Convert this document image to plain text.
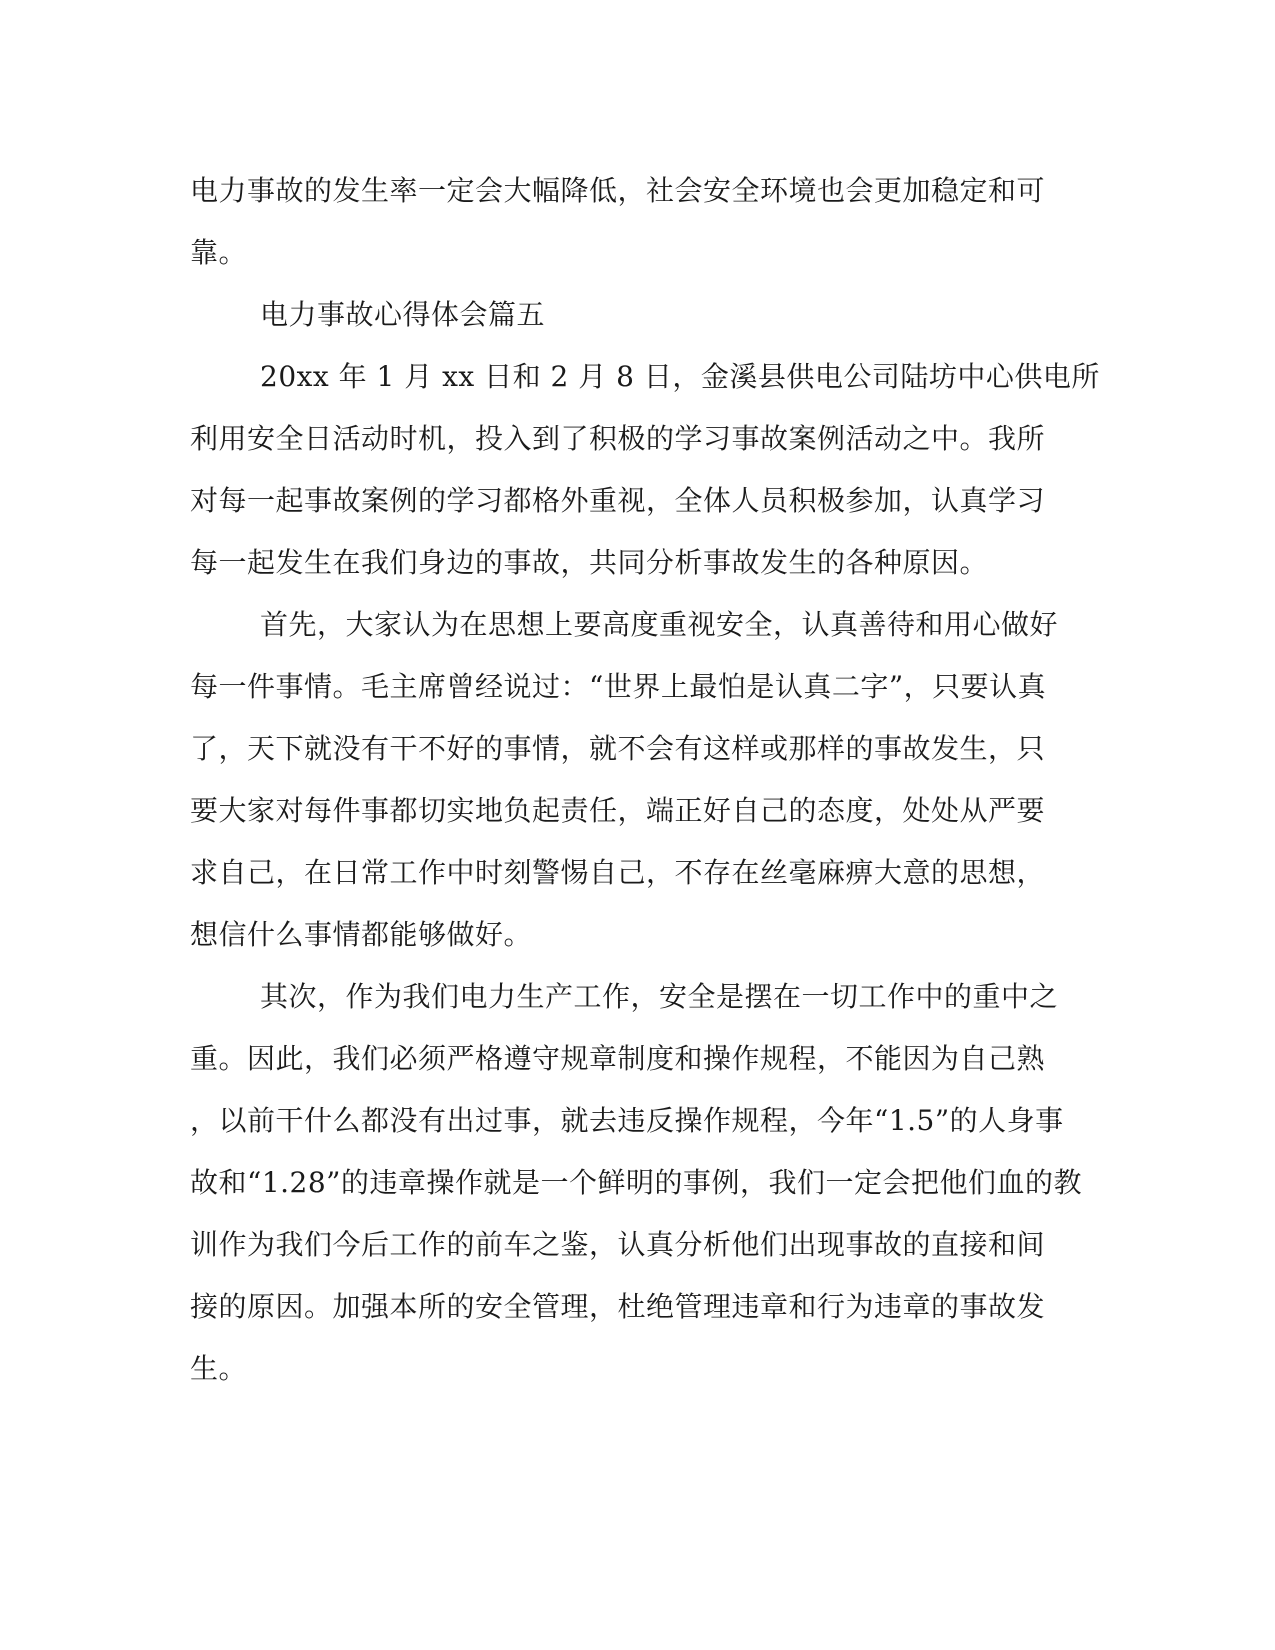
电力事故的发生率一定会大幅降低，社会安全环境也会更加稳定和可
靠。
电力事故心得体会篇五
20xx 年 1 月 xx 日和 2 月 8 日，金溪县供电公司陆坊中心供电所
利用安全日活动时机，投入到了积极的学习事故案例活动之中。我所
对每一起事故案例的学习都格外重视，全体人员积极参加，认真学习
每一起发生在我们身边的事故，共同分析事故发生的各种原因。
首先，大家认为在思想上要高度重视安全，认真善待和用心做好
每一件事情。毛主席曾经说过：“世界上最怕是认真二字”，只要认真
了，天下就没有干不好的事情，就不会有这样或那样的事故发生，只
要大家对每件事都切实地负起责任，端正好自己的态度，处处从严要
求自己，在日常工作中时刻警惕自己，不存在丝毫麻痹大意的思想，
想信什么事情都能够做好。
其次，作为我们电力生产工作，安全是摆在一切工作中的重中之
重。因此，我们必须严格遵守规章制度和操作规程，不能因为自己熟
，以前干什么都没有出过事，就去违反操作规程，今年“1.5”的人身事
故和“1.28”的违章操作就是一个鲜明的事例，我们一定会把他们血的教
训作为我们今后工作的前车之鉴，认真分析他们出现事故的直接和间
接的原因。加强本所的安全管理，杜绝管理违章和行为违章的事故发
生。
